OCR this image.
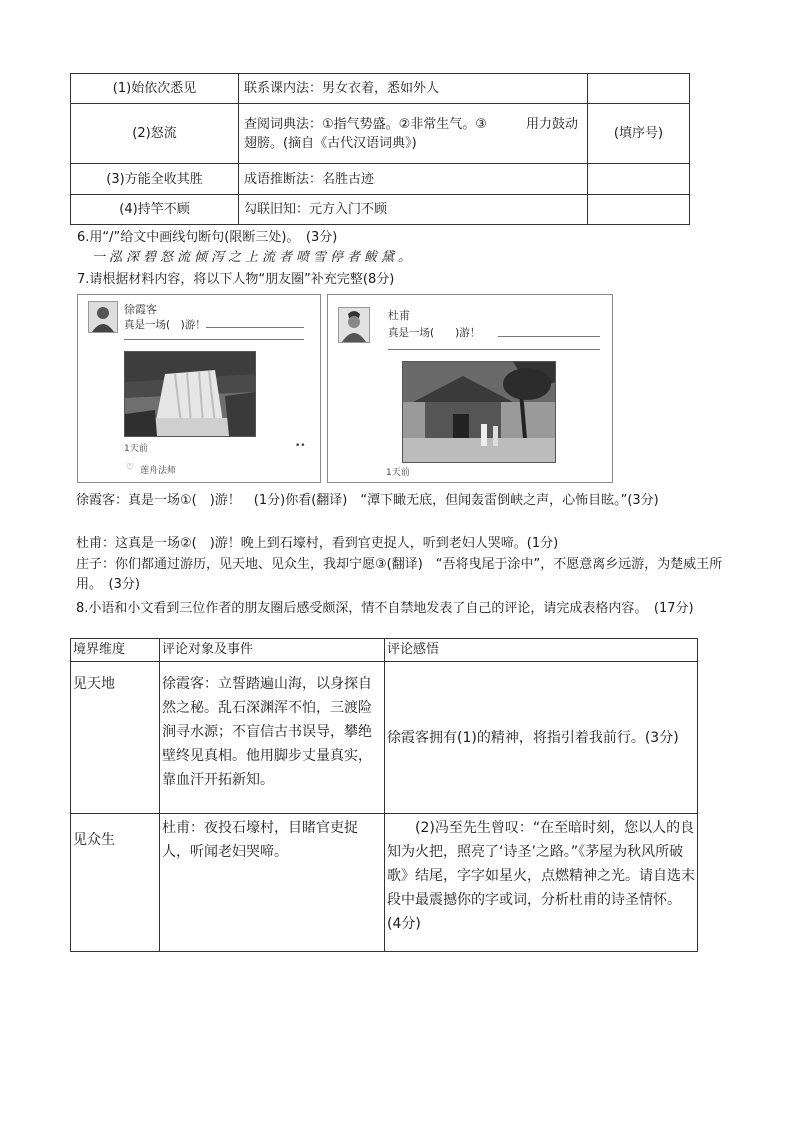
(1)始依次悉见	联系课内法：男女衣着，悉如外人	
(2)怒流	查阅词典法：①指气势盛。②非常生气。③　　　用力鼓动翅膀。(摘自《古代汉语词典》)	(填序号)
(3)方能全收其胜	成语推断法：名胜古迹	
(4)持竿不顾	勾联旧知：元方入门不顾	
6.用“/”给文中画线句断句(限断三处)。　(3分)
一泓深碧怒流倾泻之上流者喷雪停者鲅黛。
7.请根据材料内容，将以下人物“朋友圈”补充完整(8分)
徐霞客
真是一场(　)游！
1天前	••
♡ 莲舟法师
杜甫
真是一场(　　)游！
1天前
徐霞客：真是一场①(　)游！　(1分)你看(翻译)　“潭下瞰无底，但闻轰雷倒峡之声，心怖目眩。”(3分)
杜甫：这真是一场②(　)游！晚上到石壕村，看到官吏捉人，听到老妇人哭啼。(1分)
庄子：你们都通过游历，见天地、见众生，我却宁愿③(翻译)　“吾将曳尾于涂中”，不愿意离乡远游，为楚威王所用。　(3分)
8.小语和小文看到三位作者的朋友圈后感受颇深，情不自禁地发表了自己的评论，请完成表格内容。　(17分)
境界维度	评论对象及事件	评论感悟
见天地	徐霞客：立誓踏遍山海，以身探自然之秘。乱石深渊浑不怕，三渡险涧寻水源；不盲信古书误导，攀绝壁终见真相。他用脚步丈量真实，靠血汗开拓新知。	徐霞客拥有(1)的精神，将指引着我前行。(3分)
见众生	杜甫：夜投石壕村，目睹官吏捉人，听闻老妇哭啼。	　　(2)冯至先生曾叹：“在至暗时刻，您以人的良知为火把，照亮了‘诗圣’之路。”《茅屋为秋风所破歌》结尾，字字如星火，点燃精神之光。请自选末段中最震撼你的字或词，分析杜甫的诗圣情怀。(4分)
